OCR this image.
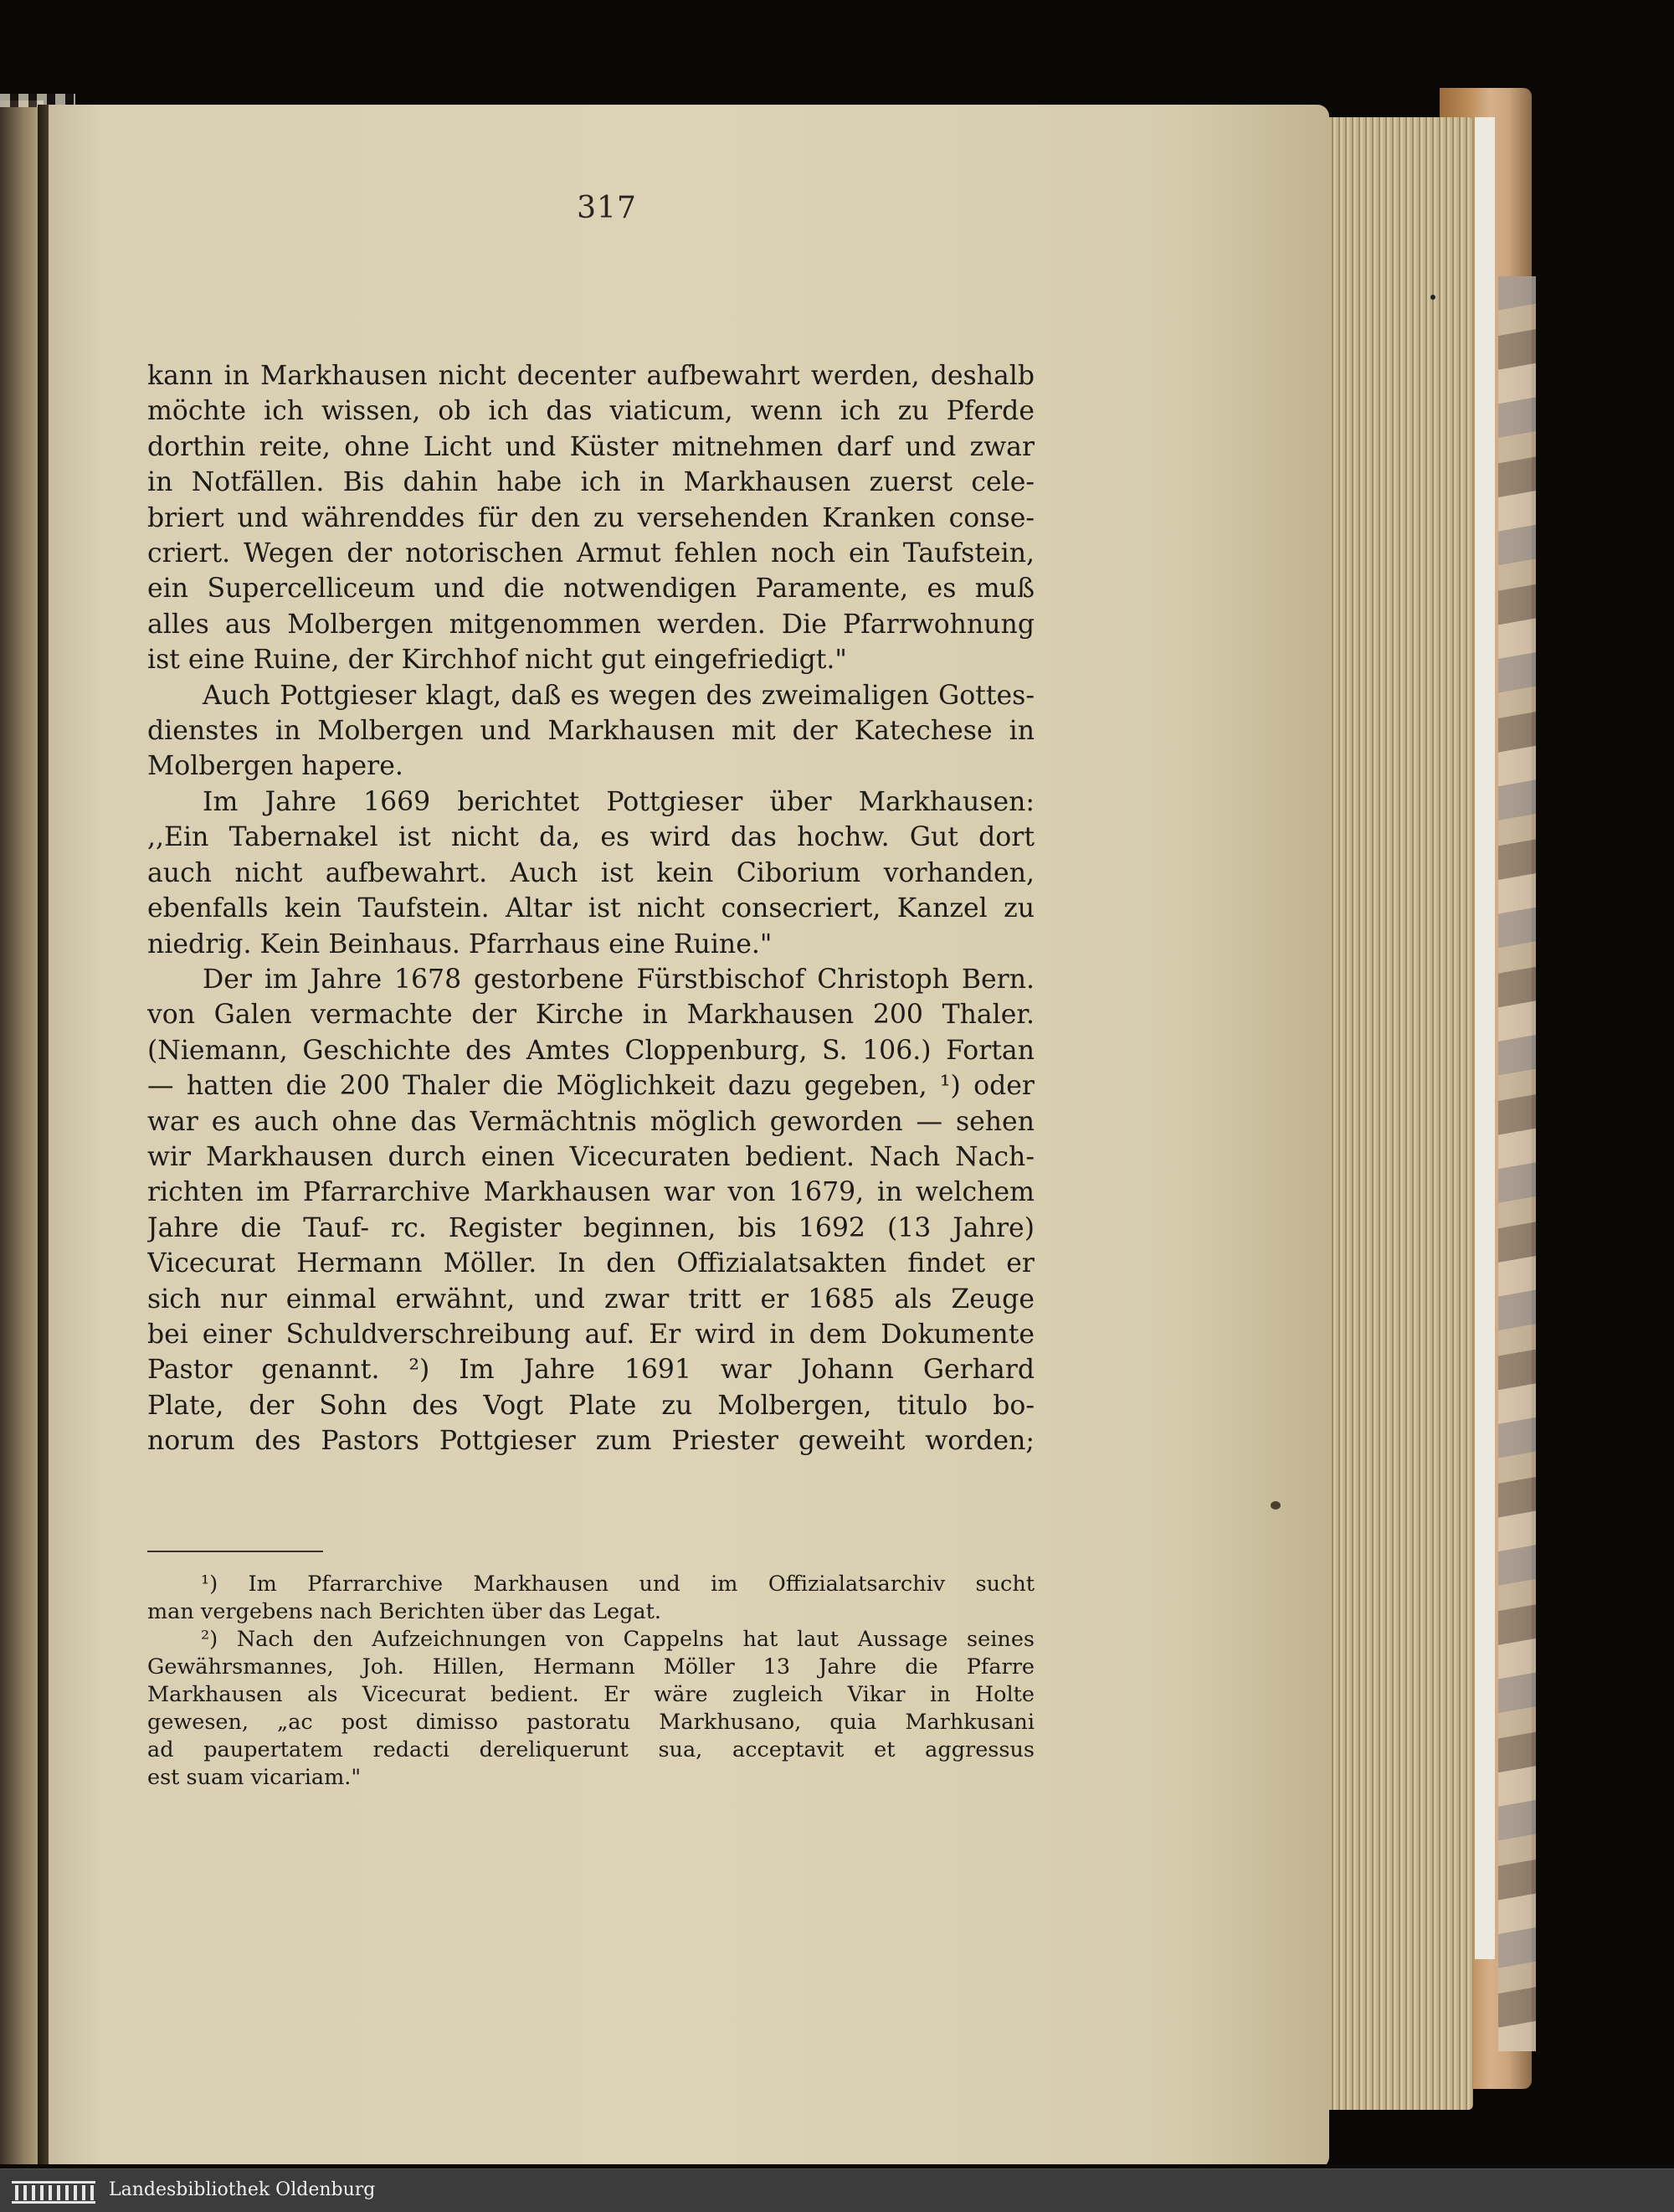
317
kann in Markhausen nicht decenter aufbewahrt werden, deshalb
möchte ich wissen, ob ich das viaticum, wenn ich zu Pferde
dorthin reite, ohne Licht und Küster mitnehmen darf und zwar
in Notfällen. Bis dahin habe ich in Markhausen zuerst cele-
briert und währenddes für den zu versehenden Kranken conse-
criert. Wegen der notorischen Armut fehlen noch ein Taufstein,
ein Supercelliceum und die notwendigen Paramente, es muß
alles aus Molbergen mitgenommen werden. Die Pfarrwohnung
ist eine Ruine, der Kirchhof nicht gut eingefriedigt."
Auch Pottgieser klagt, daß es wegen des zweimaligen Gottes-
dienstes in Molbergen und Markhausen mit der Katechese in
Molbergen hapere.
Im Jahre 1669 berichtet Pottgieser über Markhausen:
,,Ein Tabernakel ist nicht da, es wird das hochw. Gut dort
auch nicht aufbewahrt. Auch ist kein Ciborium vorhanden,
ebenfalls kein Taufstein. Altar ist nicht consecriert, Kanzel zu
niedrig. Kein Beinhaus. Pfarrhaus eine Ruine."
Der im Jahre 1678 gestorbene Fürstbischof Christoph Bern.
von Galen vermachte der Kirche in Markhausen 200 Thaler.
(Niemann, Geschichte des Amtes Cloppenburg, S. 106.) Fortan
— hatten die 200 Thaler die Möglichkeit dazu gegeben, ¹) oder
war es auch ohne das Vermächtnis möglich geworden — sehen
wir Markhausen durch einen Vicecuraten bedient. Nach Nach-
richten im Pfarrarchive Markhausen war von 1679, in welchem
Jahre die Tauf- rc. Register beginnen, bis 1692 (13 Jahre)
Vicecurat Hermann Möller. In den Offizialatsakten findet er
sich nur einmal erwähnt, und zwar tritt er 1685 als Zeuge
bei einer Schuldverschreibung auf. Er wird in dem Dokumente
Pastor genannt. ²) Im Jahre 1691 war Johann Gerhard
Plate, der Sohn des Vogt Plate zu Molbergen, titulo bo-
norum des Pastors Pottgieser zum Priester geweiht worden;
¹) Im Pfarrarchive Markhausen und im Offizialatsarchiv sucht
man vergebens nach Berichten über das Legat.
²) Nach den Aufzeichnungen von Cappelns hat laut Aussage seines
Gewährsmannes, Joh. Hillen, Hermann Möller 13 Jahre die Pfarre
Markhausen als Vicecurat bedient. Er wäre zugleich Vikar in Holte
gewesen, „ac post dimisso pastoratu Markhusano, quia Marhkusani
ad paupertatem redacti dereliquerunt sua, acceptavit et aggressus
est suam vicariam."
Landesbibliothek Oldenburg
